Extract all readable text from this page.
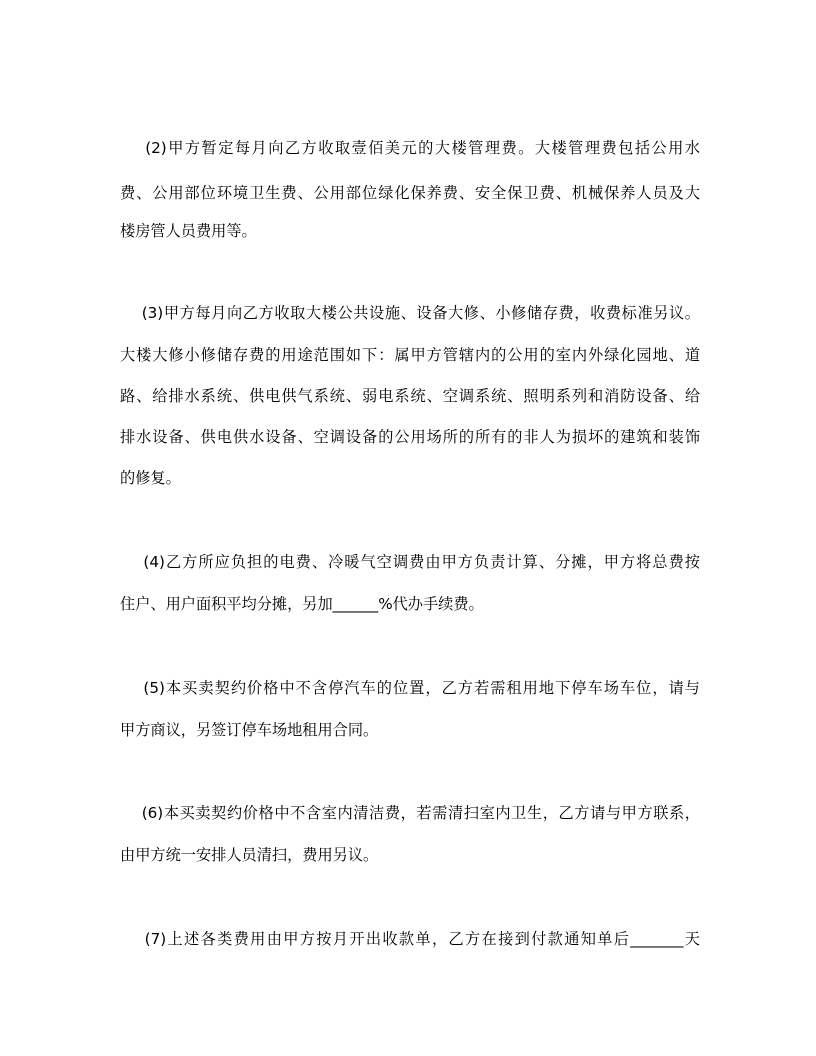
(2)甲方暂定每月向乙方收取壹佰美元的大楼管理费。大楼管理费包括公用水
费、公用部位环境卫生费、公用部位绿化保养费、安全保卫费、机械保养人员及大
楼房管人员费用等。
(3)甲方每月向乙方收取大楼公共设施、设备大修、小修储存费，收费标准另议。
大楼大修小修储存费的用途范围如下：属甲方管辖内的公用的室内外绿化园地、道
路、给排水系统、供电供气系统、弱电系统、空调系统、照明系列和消防设备、给
排水设备、供电供水设备、空调设备的公用场所的所有的非人为损坏的建筑和装饰
的修复。
(4)乙方所应负担的电费、冷暖气空调费由甲方负责计算、分摊，甲方将总费按
住户、用户面积平均分摊，另加______%代办手续费。
(5)本买卖契约价格中不含停汽车的位置，乙方若需租用地下停车场车位，请与
甲方商议，另签订停车场地租用合同。
(6)本买卖契约价格中不含室内清洁费，若需清扫室内卫生，乙方请与甲方联系，
由甲方统一安排人员清扫，费用另议。
(7)上述各类费用由甲方按月开出收款单，乙方在接到付款通知单后_______天
